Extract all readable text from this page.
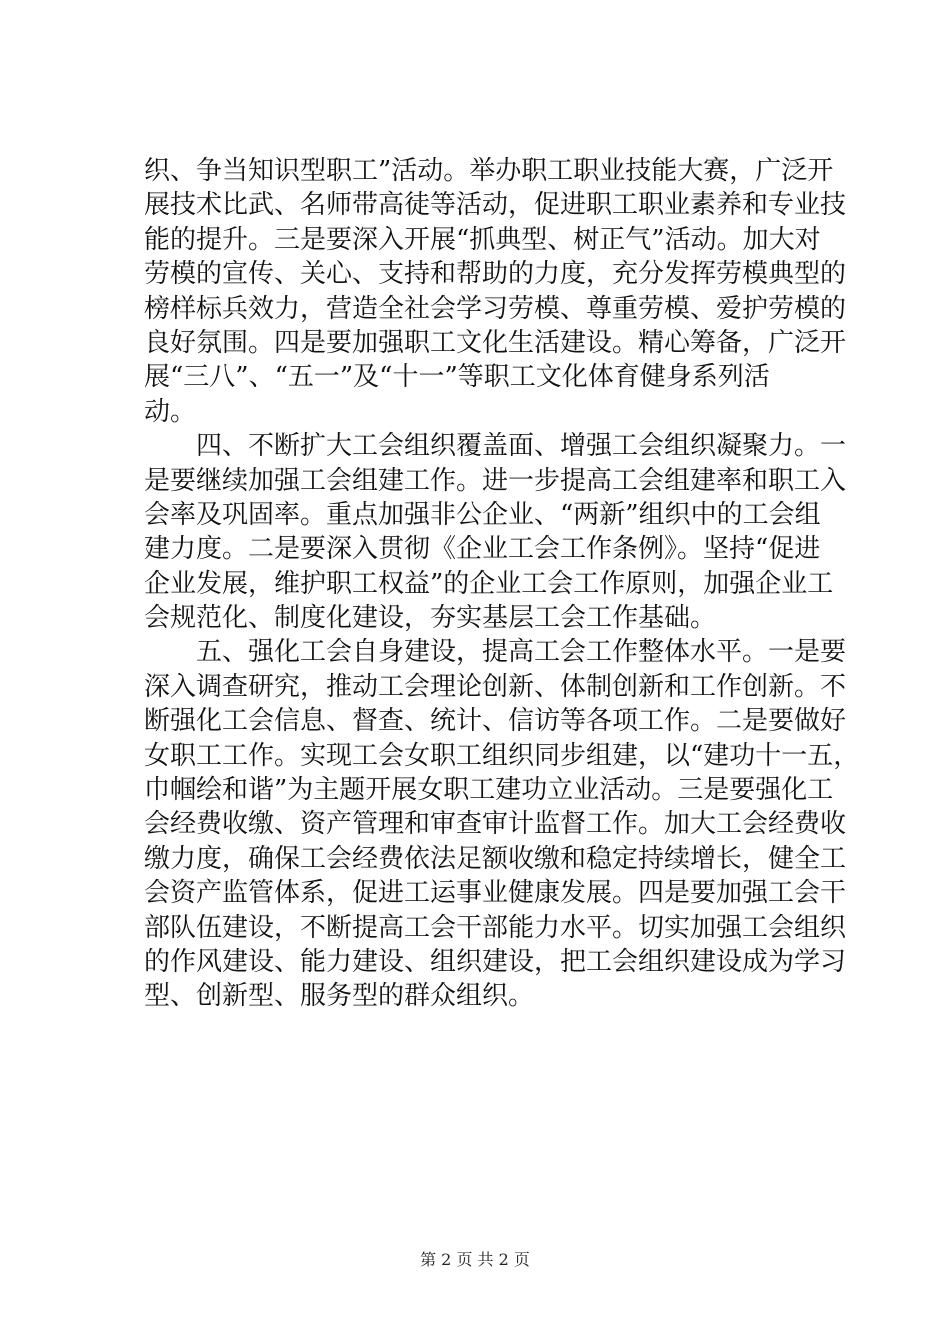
织、争当知识型职工”活动。举办职工职业技能大赛，广泛开
展技术比武、名师带高徒等活动，促进职工职业素养和专业技
能的提升。三是要深入开展“抓典型、树正气”活动。加大对
劳模的宣传、关心、支持和帮助的力度，充分发挥劳模典型的
榜样标兵效力，营造全社会学习劳模、尊重劳模、爱护劳模的
良好氛围。四是要加强职工文化生活建设。精心筹备，广泛开
展“三八”、“五一”及“十一”等职工文化体育健身系列活
动。
　　四、不断扩大工会组织覆盖面、增强工会组织凝聚力。一
是要继续加强工会组建工作。进一步提高工会组建率和职工入
会率及巩固率。重点加强非公企业、“两新”组织中的工会组
建力度。二是要深入贯彻《企业工会工作条例》。坚持“促进
企业发展，维护职工权益”的企业工会工作原则，加强企业工
会规范化、制度化建设，夯实基层工会工作基础。
　　五、强化工会自身建设，提高工会工作整体水平。一是要
深入调查研究，推动工会理论创新、体制创新和工作创新。不
断强化工会信息、督查、统计、信访等各项工作。二是要做好
女职工工作。实现工会女职工组织同步组建，以“建功十一五，
巾帼绘和谐”为主题开展女职工建功立业活动。三是要强化工
会经费收缴、资产管理和审查审计监督工作。加大工会经费收
缴力度，确保工会经费依法足额收缴和稳定持续增长，健全工
会资产监管体系，促进工运事业健康发展。四是要加强工会干
部队伍建设，不断提高工会干部能力水平。切实加强工会组织
的作风建设、能力建设、组织建设，把工会组织建设成为学习
型、创新型、服务型的群众组织。
第 2 页 共 2 页
